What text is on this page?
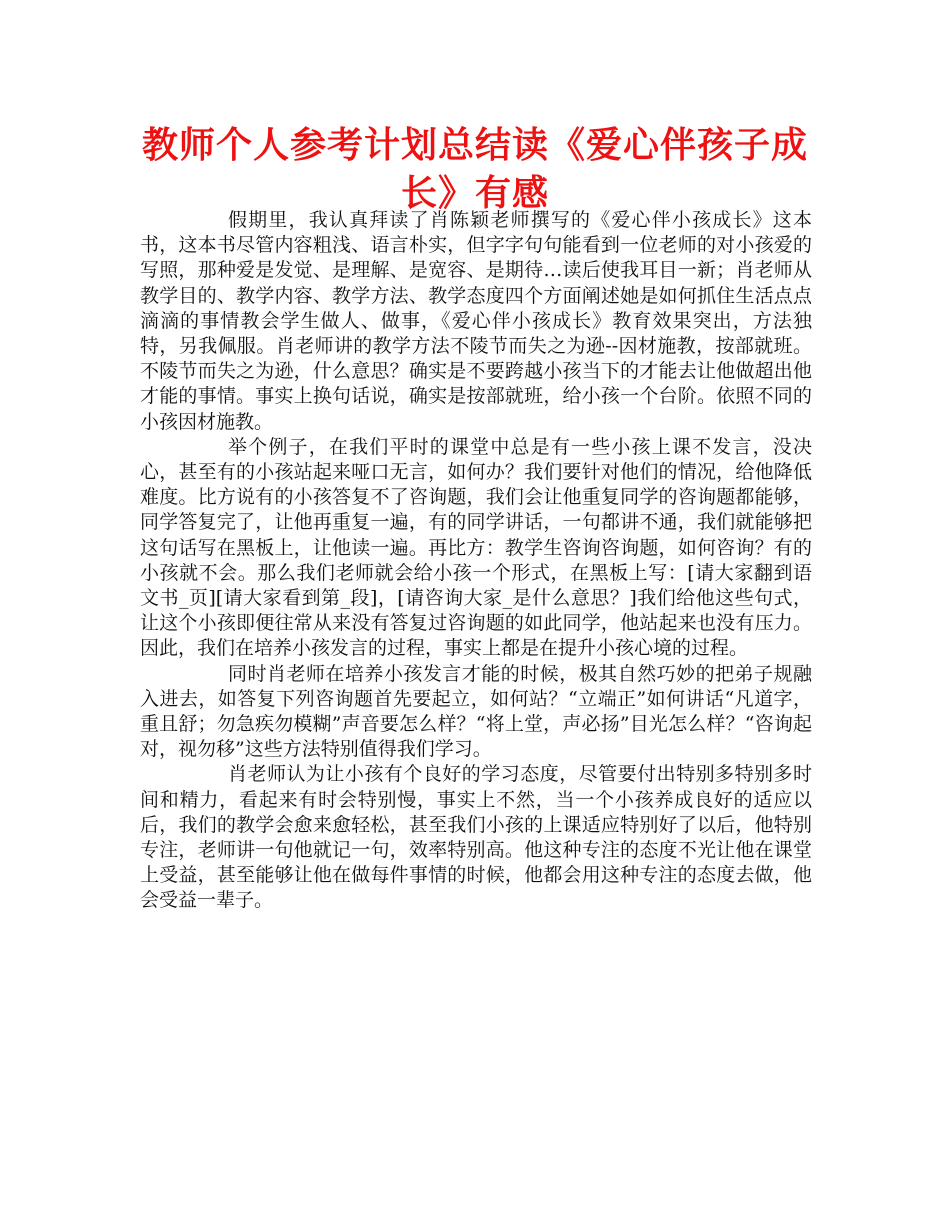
教师个人参考计划总结读《爱心伴孩子成长》有感

假期里，我认真拜读了肖陈颖老师撰写的《爱心伴小孩成长》这本书，这本书尽管内容粗浅、语言朴实，但字字句句能看到一位老师的对小孩爱的写照，那种爱是发觉、是理解、是宽容、是期待…读后使我耳目一新；肖老师从教学目的、教学内容、教学方法、教学态度四个方面阐述她是如何抓住生活点点滴滴的事情教会学生做人、做事，《爱心伴小孩成长》教育效果突出，方法独特，另我佩服。肖老师讲的教学方法不陵节而失之为逊--因材施教，按部就班。不陵节而失之为逊，什么意思？确实是不要跨越小孩当下的才能去让他做超出他才能的事情。事实上换句话说，确实是按部就班，给小孩一个台阶。依照不同的小孩因材施教。

举个例子，在我们平时的课堂中总是有一些小孩上课不发言，没决心，甚至有的小孩站起来哑口无言，如何办？我们要针对他们的情况，给他降低难度。比方说有的小孩答复不了咨询题，我们会让他重复同学的咨询题都能够，同学答复完了，让他再重复一遍，有的同学讲话，一句都讲不通，我们就能够把这句话写在黑板上，让他读一遍。再比方：教学生咨询咨询题，如何咨询？有的小孩就不会。那么我们老师就会给小孩一个形式，在黑板上写：[请大家翻到语文书_页][请大家看到第_段]，[请咨询大家_是什么意思？]我们给他这些句式，让这个小孩即便往常从来没有答复过咨询题的如此同学，他站起来也没有压力。因此，我们在培养小孩发言的过程，事实上都是在提升小孩心境的过程。

同时肖老师在培养小孩发言才能的时候，极其自然巧妙的把弟子规融入进去，如答复下列咨询题首先要起立，如何站？“立端正”如何讲话“凡道字，重且舒；勿急疾勿模糊”声音要怎么样？“将上堂，声必扬”目光怎么样？“咨询起对，视勿移”这些方法特别值得我们学习。

肖老师认为让小孩有个良好的学习态度，尽管要付出特别多特别多时间和精力，看起来有时会特别慢，事实上不然，当一个小孩养成良好的适应以后，我们的教学会愈来愈轻松，甚至我们小孩的上课适应特别好了以后，他特别专注，老师讲一句他就记一句，效率特别高。他这种专注的态度不光让他在课堂上受益，甚至能够让他在做每件事情的时候，他都会用这种专注的态度去做，他会受益一辈子。
